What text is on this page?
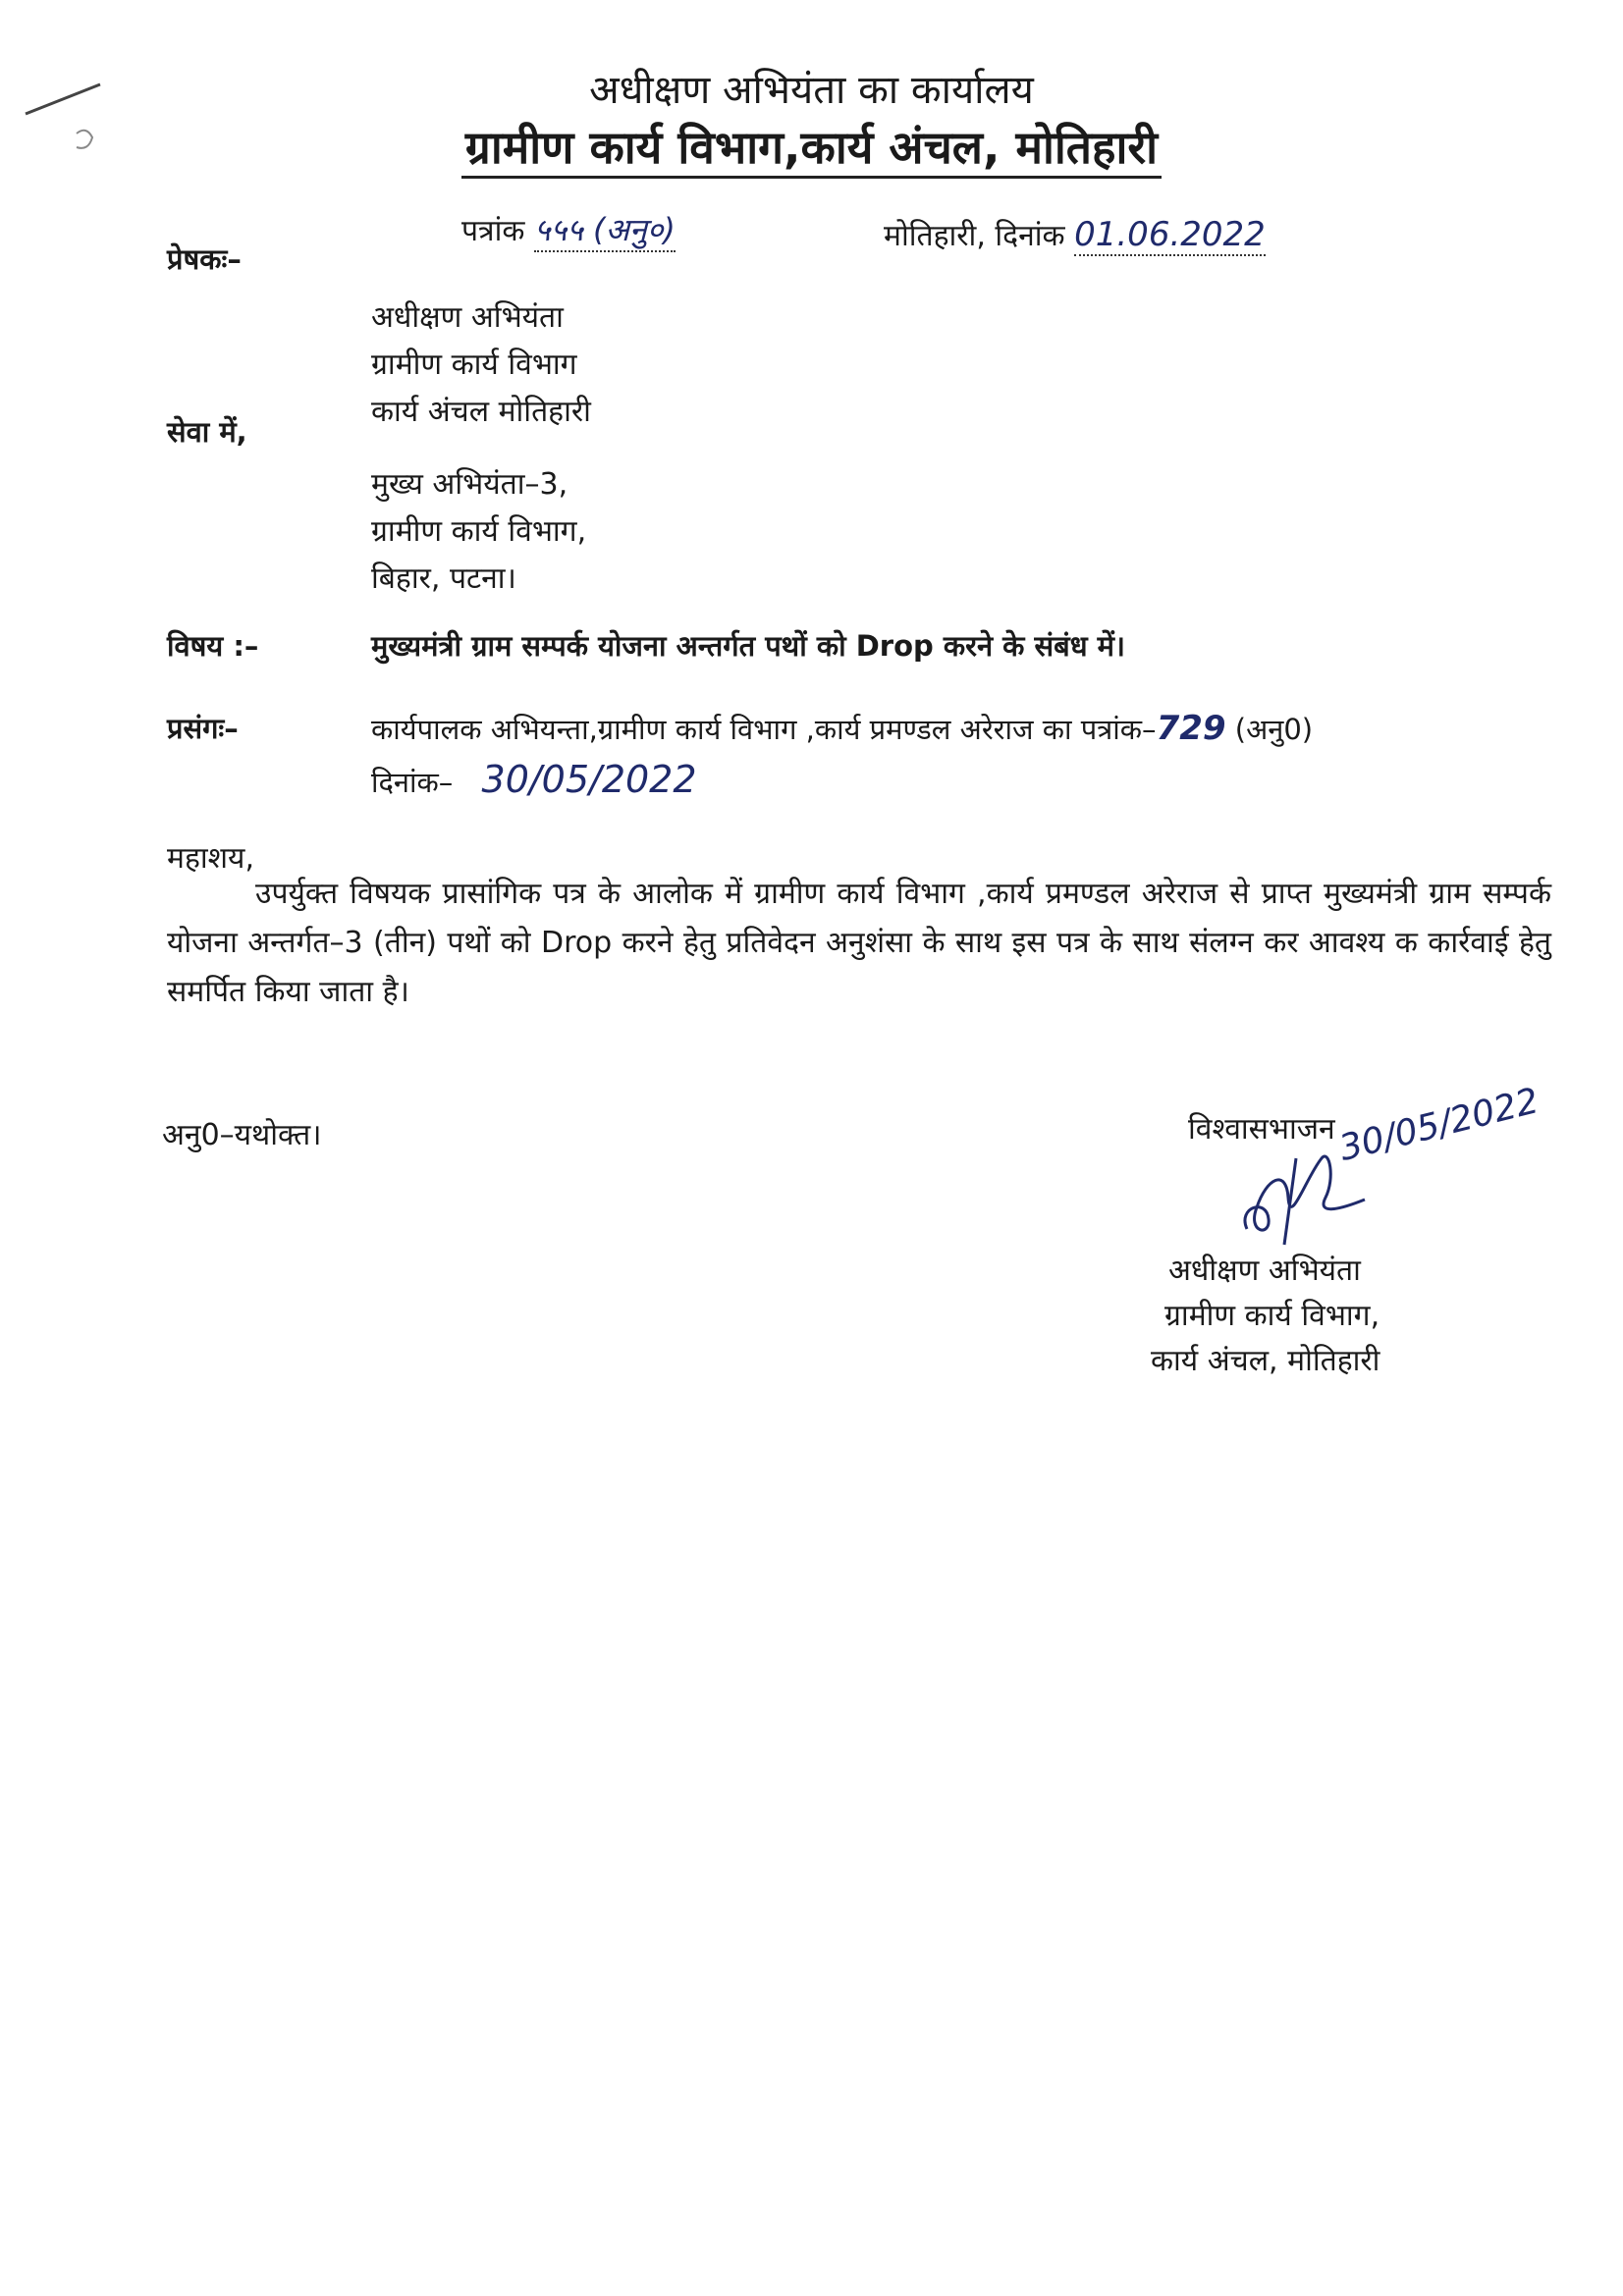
अधीक्षण अभियंता का कार्यालय
ग्रामीण कार्य विभाग,कार्य अंचल, मोतिहारी
पत्रांक ५५५ (अनु०)	मोतिहारी, दिनांक 01.06.2022
प्रेषकः–
अधीक्षण अभियंता
ग्रामीण कार्य विभाग
कार्य अंचल मोतिहारी
सेवा में,
मुख्य अभियंता–3,
ग्रामीण कार्य विभाग,
बिहार, पटना।
विषय :–	मुख्यमंत्री ग्राम सम्पर्क योजना अन्तर्गत पथों को Drop करने के संबंध में।
प्रसंगः–	कार्यपालक अभियन्ता,ग्रामीण कार्य विभाग ,कार्य प्रमण्डल अरेराज का पत्रांक–729 (अनु0)
दिनांक– 30/05/2022
महाशय,
उपर्युक्त विषयक प्रासांगिक पत्र के आलोक में ग्रामीण कार्य विभाग ,कार्य प्रमण्डल अरेराज से प्राप्त मुख्यमंत्री ग्राम सम्पर्क योजना अन्तर्गत–3 (तीन) पथों को Drop करने हेतु प्रतिवेदन अनुशंसा के साथ इस पत्र के साथ संलग्न कर आवश्य क कार्रवाई हेतु समर्पित किया जाता है।
अनु0–यथोक्त।	विश्वासभाजन 30/05/2022
अधीक्षण अभियंता
ग्रामीण कार्य विभाग,
कार्य अंचल, मोतिहारी
